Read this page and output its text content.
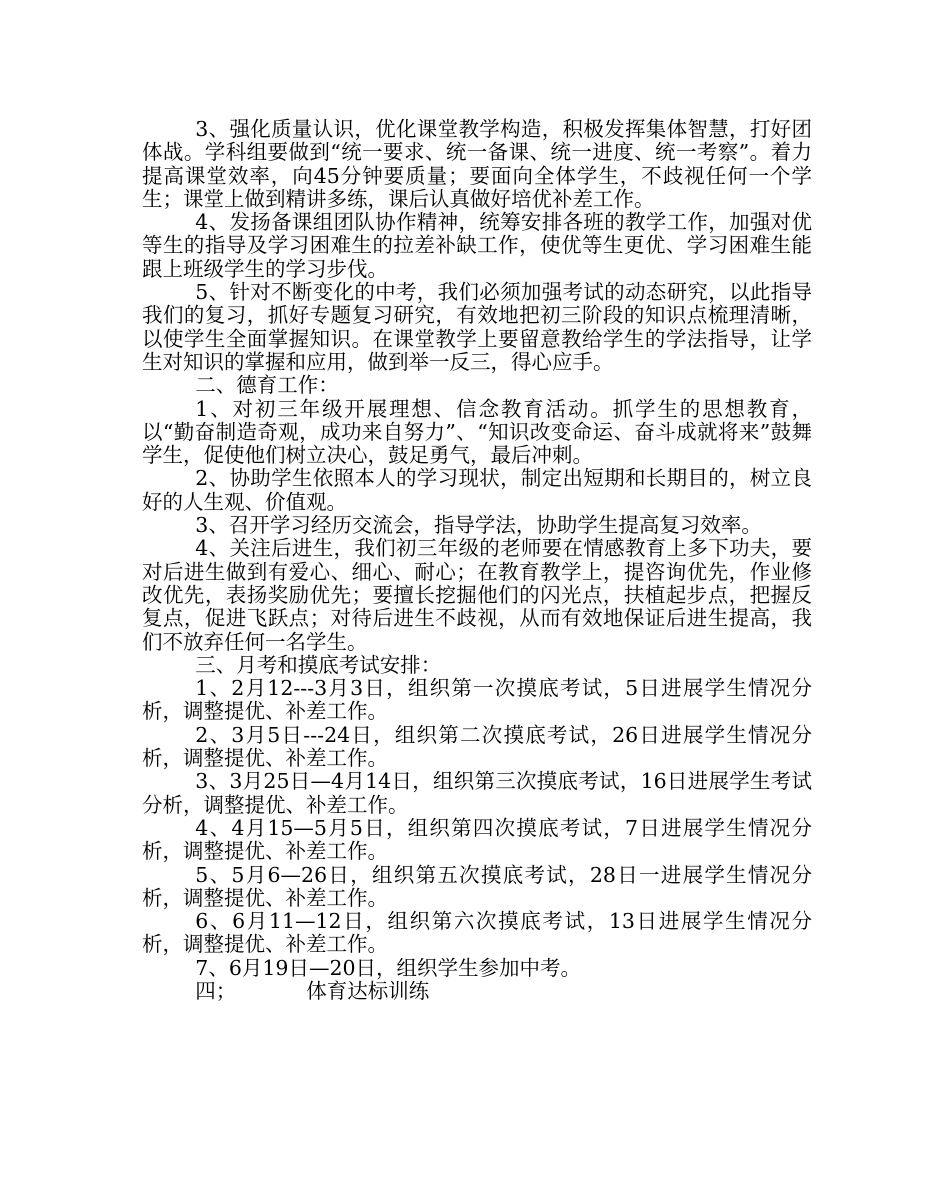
3、强化质量认识，优化课堂教学构造，积极发挥集体智慧，打好团体战。学科组要做到“统一要求、统一备课、统一进度、统一考察”。着力提高课堂效率，向45分钟要质量；要面向全体学生，不歧视任何一个学生；课堂上做到精讲多练，课后认真做好培优补差工作。

4、发扬备课组团队协作精神，统筹安排各班的教学工作，加强对优等生的指导及学习困难生的拉差补缺工作，使优等生更优、学习困难生能跟上班级学生的学习步伐。

5、针对不断变化的中考，我们必须加强考试的动态研究，以此指导我们的复习，抓好专题复习研究，有效地把初三阶段的知识点梳理清晰，以使学生全面掌握知识。在课堂教学上要留意教给学生的学法指导，让学生对知识的掌握和应用，做到举一反三，得心应手。

二、德育工作：

1、对初三年级开展理想、信念教育活动。抓学生的思想教育，以“勤奋制造奇观，成功来自努力”、“知识改变命运、奋斗成就将来”鼓舞学生，促使他们树立决心，鼓足勇气，最后冲刺。

2、协助学生依照本人的学习现状，制定出短期和长期目的，树立良好的人生观、价值观。

3、召开学习经历交流会，指导学法，协助学生提高复习效率。

4、关注后进生，我们初三年级的老师要在情感教育上多下功夫，要对后进生做到有爱心、细心、耐心；在教育教学上，提咨询优先，作业修改优先，表扬奖励优先；要擅长挖掘他们的闪光点，扶植起步点，把握反复点，促进飞跃点；对待后进生不歧视，从而有效地保证后进生提高，我们不放弃任何一名学生。

三、月考和摸底考试安排：

1、2月12---3月3日，组织第一次摸底考试，5日进展学生情况分析，调整提优、补差工作。

2、3月5日---24日，组织第二次摸底考试，26日进展学生情况分析，调整提优、补差工作。

3、3月25日—4月14日，组织第三次摸底考试，16日进展学生考试分析，调整提优、补差工作。

4、4月15—5月5日，组织第四次摸底考试，7日进展学生情况分析，调整提优、补差工作。

5、5月6—26日，组织第五次摸底考试，28日一进展学生情况分析，调整提优、补差工作。

6、6月11—12日，组织第六次摸底考试，13日进展学生情况分析，调整提优、补差工作。

7、6月19日—20日，组织学生参加中考。

四；	体育达标训练
